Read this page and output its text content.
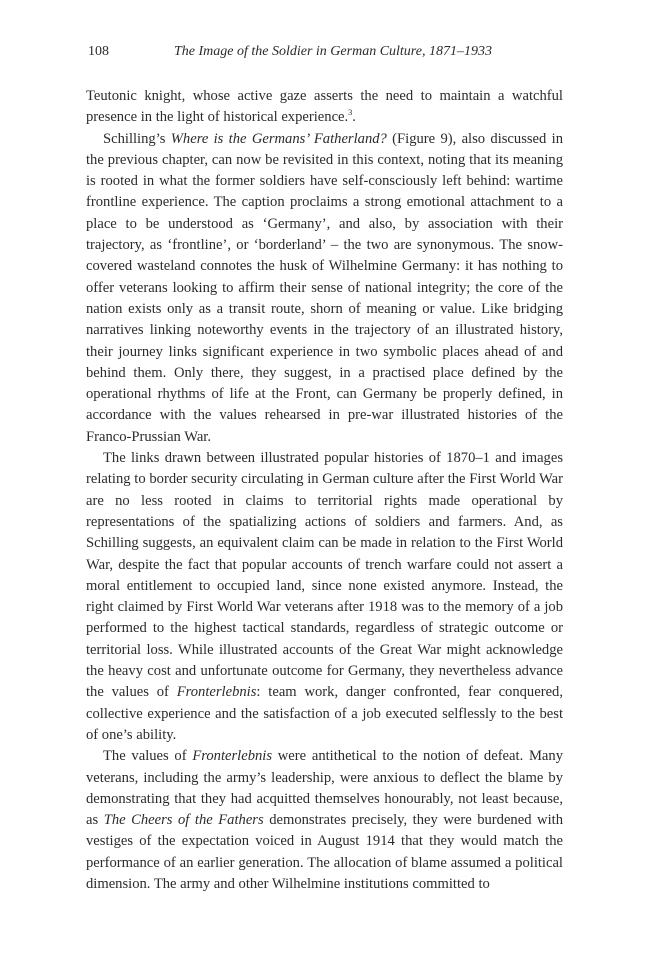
108	The Image of the Soldier in German Culture, 1871–1933

Teutonic knight, whose active gaze asserts the need to maintain a watchful presence in the light of historical experience.$^3$.

Schilling’s Where is the Germans’ Fatherland? (Figure 9), also discussed in the previous chapter, can now be revisited in this context, noting that its meaning is rooted in what the former soldiers have self-consciously left behind: wartime frontline experience. The caption proclaims a strong emotional attachment to a place to be understood as ‘Germany’, and also, by association with their trajectory, as ‘frontline’, or ‘borderland’ – the two are synonymous. The snow-covered wasteland connotes the husk of Wilhelmine Germany: it has nothing to offer veterans looking to affirm their sense of national integrity; the core of the nation exists only as a transit route, shorn of meaning or value. Like bridging narratives linking noteworthy events in the trajectory of an illustrated history, their journey links significant experience in two symbolic places ahead of and behind them. Only there, they suggest, in a practised place defined by the operational rhythms of life at the Front, can Germany be properly defined, in accordance with the values rehearsed in pre-war illustrated histories of the Franco-Prussian War.

The links drawn between illustrated popular histories of 1870–1 and images relating to border security circulating in German culture after the First World War are no less rooted in claims to territorial rights made operational by representations of the spatializing actions of soldiers and farmers. And, as Schilling suggests, an equivalent claim can be made in relation to the First World War, despite the fact that popular accounts of trench warfare could not assert a moral entitlement to occupied land, since none existed anymore. Instead, the right claimed by First World War veterans after 1918 was to the memory of a job performed to the highest tactical standards, regardless of strategic outcome or territorial loss. While illustrated accounts of the Great War might acknowledge the heavy cost and unfortunate outcome for Germany, they nevertheless advance the values of Fronterlebnis: team work, danger confronted, fear conquered, collective experience and the satisfaction of a job executed selflessly to the best of one’s ability.

The values of Fronterlebnis were antithetical to the notion of defeat. Many veterans, including the army’s leadership, were anxious to deflect the blame by demonstrating that they had acquitted themselves honourably, not least because, as The Cheers of the Fathers demonstrates precisely, they were burdened with vestiges of the expectation voiced in August 1914 that they would match the performance of an earlier generation. The allocation of blame assumed a political dimension. The army and other Wilhelmine institutions committed to
